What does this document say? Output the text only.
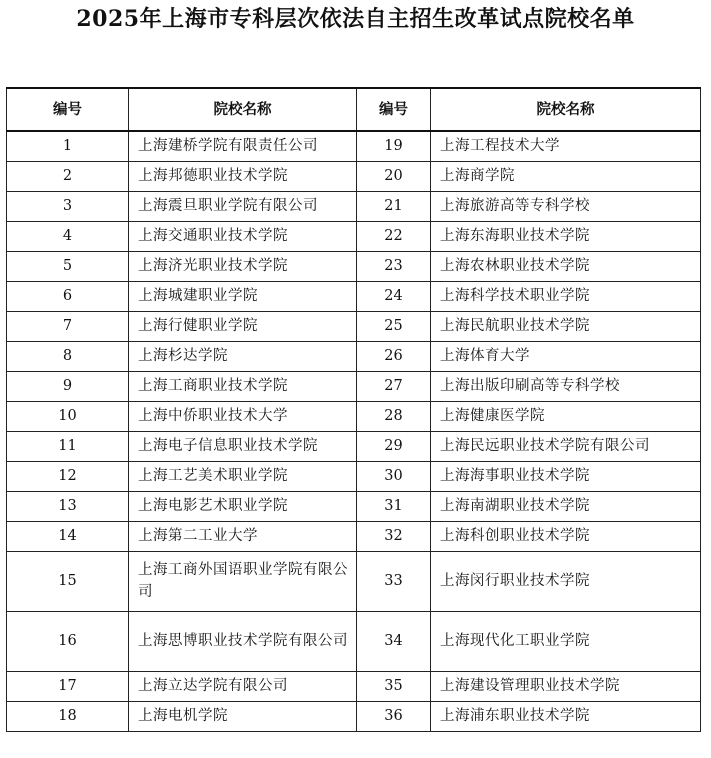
2025年上海市专科层次依法自主招生改革试点院校名单
编号	院校名称	编号	院校名称
1	上海建桥学院有限责任公司	19	上海工程技术大学
2	上海邦德职业技术学院	20	上海商学院
3	上海震旦职业学院有限公司	21	上海旅游高等专科学校
4	上海交通职业技术学院	22	上海东海职业技术学院
5	上海济光职业技术学院	23	上海农林职业技术学院
6	上海城建职业学院	24	上海科学技术职业学院
7	上海行健职业学院	25	上海民航职业技术学院
8	上海杉达学院	26	上海体育大学
9	上海工商职业技术学院	27	上海出版印刷高等专科学校
10	上海中侨职业技术大学	28	上海健康医学院
11	上海电子信息职业技术学院	29	上海民远职业技术学院有限公司
12	上海工艺美术职业学院	30	上海海事职业技术学院
13	上海电影艺术职业学院	31	上海南湖职业技术学院
14	上海第二工业大学	32	上海科创职业技术学院
15	上海工商外国语职业学院有限公司	33	上海闵行职业技术学院
16	上海思博职业技术学院有限公司	34	上海现代化工职业学院
17	上海立达学院有限公司	35	上海建设管理职业技术学院
18	上海电机学院	36	上海浦东职业技术学院
